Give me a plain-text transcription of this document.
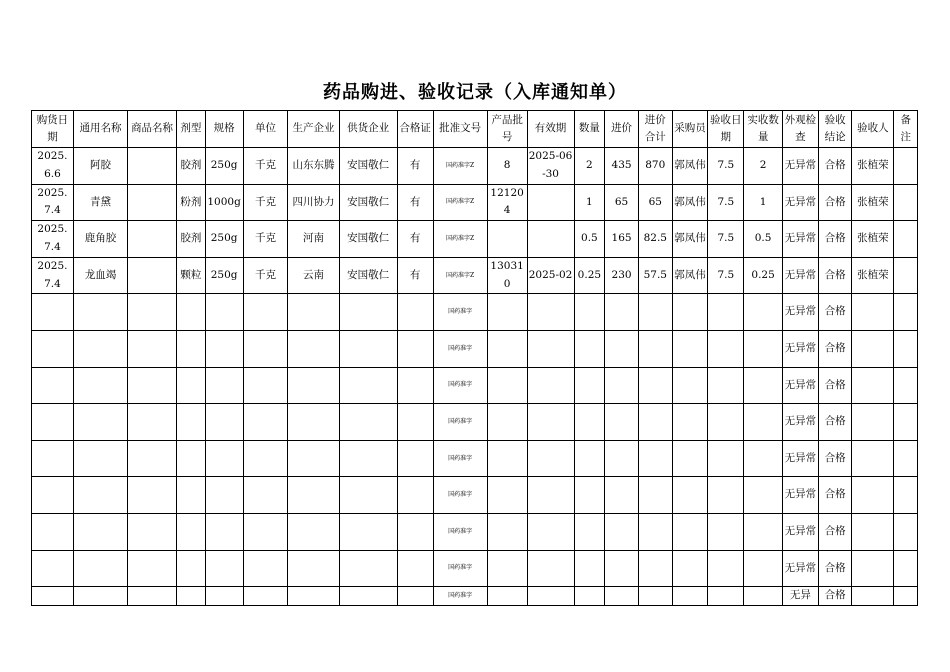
药品购进、验收记录（入库通知单）
购货日期	通用名称	商品名称	剂型	规格	单位	生产企业	供货企业	合格证	批准文号	产品批号	有效期	数量	进价	进价合计	采购员	验收日期	实收数量	外观检查	验收结论	验收人	备注
2025.6.6	阿胶		胶剂	250g	千克	山东东腾	安国敬仁	有	国药准字Z	8	2025-06-30	2	435	870	郭凤伟	7.5	2	无异常	合格	张植荣	
2025.7.4	青黛		粉剂	1000g	千克	四川协力	安国敬仁	有	国药准字Z	121204		1	65	65	郭凤伟	7.5	1	无异常	合格	张植荣	
2025.7.4	鹿角胶		胶剂	250g	千克	河南	安国敬仁	有	国药准字Z			0.5	165	82.5	郭凤伟	7.5	0.5	无异常	合格	张植荣	
2025.7.4	龙血竭		颗粒	250g	千克	云南	安国敬仁	有	国药准字Z	130310	2025-02	0.25	230	57.5	郭凤伟	7.5	0.25	无异常	合格	张植荣	
									国药准字									无异常	合格		
									国药准字									无异常	合格		
									国药准字									无异常	合格		
									国药准字									无异常	合格		
									国药准字									无异常	合格		
									国药准字									无异常	合格		
									国药准字									无异常	合格		
									国药准字									无异常	合格		
									国药准字									无异	合格		
